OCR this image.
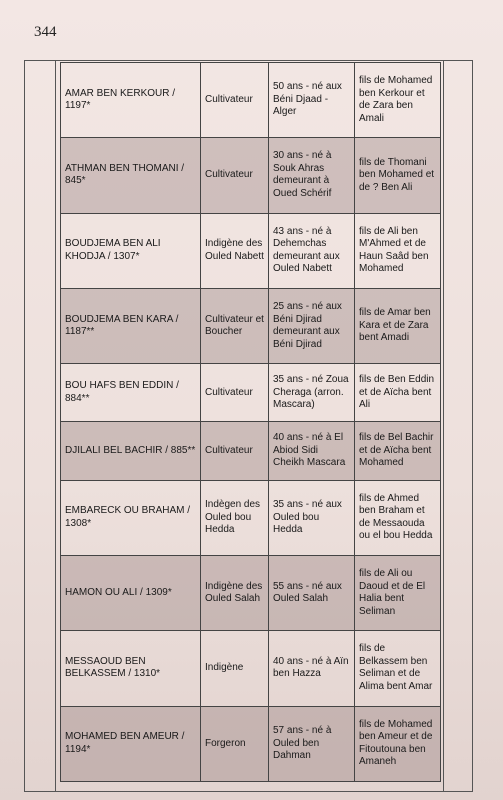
344
AMAR BEN KERKOUR / 1197*	Cultivateur	50 ans - né aux Béni Djaad - Alger	fils de Mohamed ben Kerkour et de Zara ben Amali
ATHMAN BEN THOMANI / 845*	Cultivateur	30 ans - né à Souk Ahras demeurant à Oued Schérif	fils de Thomani ben Mohamed et de ? Ben Ali
BOUDJEMA BEN ALI KHODJA / 1307*	Indigène des Ouled Nabett	43 ans - né à Dehemchas demeurant aux Ouled Nabett	fils de Ali ben M'Ahmed et de Haun Saâd ben Mohamed
BOUDJEMA BEN KARA / 1187**	Cultivateur et Boucher	25 ans - né aux Béni Djirad demeurant aux Béni Djirad	fils de Amar ben Kara et de Zara bent Amadi
BOU HAFS BEN EDDIN / 884**	Cultivateur	35 ans - né Zoua Cheraga (arron. Mascara)	fils de Ben Eddin et de Aïcha bent Ali
DJILALI BEL BACHIR / 885**	Cultivateur	40 ans - né à El Abiod Sidi Cheikh Mascara	fils de Bel Bachir et de Aïcha bent Mohamed
EMBARECK OU BRAHAM / 1308*	Indègen des Ouled bou Hedda	35 ans - né aux Ouled bou Hedda	fils de Ahmed ben Braham et de Messaouda ou el bou Hedda
HAMON OU ALI / 1309*	Indigène des Ouled Salah	55 ans - né aux Ouled Salah	fils de Ali ou Daoud et de El Halia bent Seliman
MESSAOUD BEN BELKASSEM / 1310*	Indigène	40 ans - né à Aïn ben Hazza	fils de Belkassem ben Seliman et de Alima bent Amar
MOHAMED BEN AMEUR / 1194*	Forgeron	57 ans - né à Ouled ben Dahman	fils de Mohamed ben Ameur et de Fitoutouna ben Amaneh
